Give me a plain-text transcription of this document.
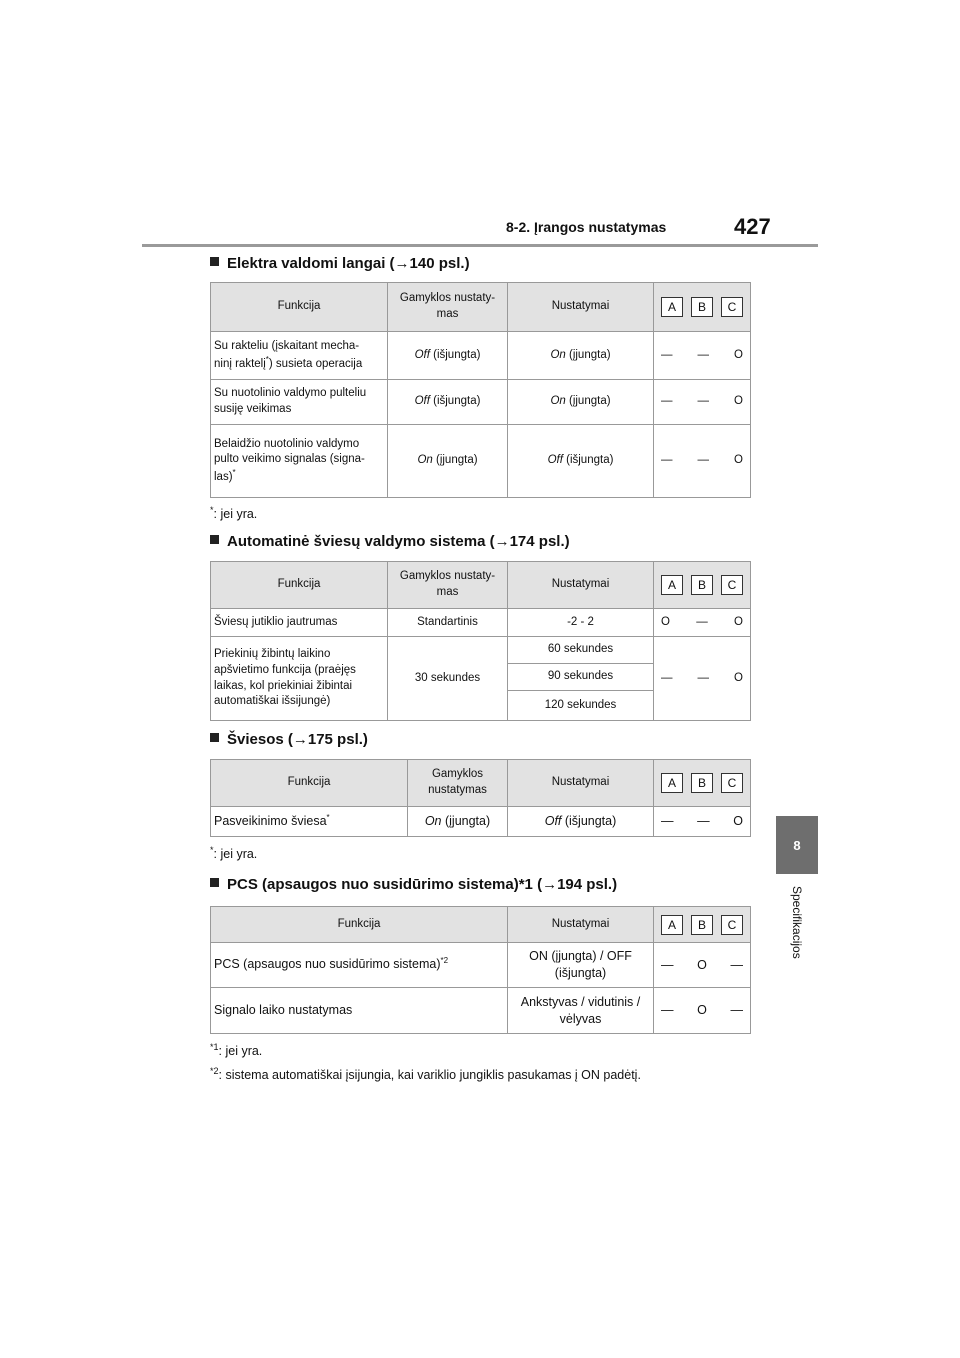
8-2. Įrangos nustatymas	427
8
Specifikacijos
Elektra valdomi langai (→140 psl.)
Funkcija	Gamyklos nustaty-
mas	Nustatymai	A B C

Su rakteliu (įskaitant mecha-
ninį raktelį*) susieta operacija	Off (išjungta)	On (įjungta)	— — O

Su nuotolinio valdymo pulteliu
susiję veikimas	Off (išjungta)	On (įjungta)	— — O

Belaidžio nuotolinio valdymo
pulto veikimo signalas (signa-
las)*	On (įjungta)	Off (išjungta)	— — O
*: jei yra.
Automatinė šviesų valdymo sistema (→174 psl.)
Funkcija	Gamyklos nustaty-
mas	Nustatymai	A B C

Šviesų jutiklio jautrumas	Standartinis	-2 - 2	O — O

Priekinių žibintų laikino
apšvietimo funkcija (praėjęs
laikas, kol priekiniai žibintai
automatiškai išsijungė)	30 sekundes	60 sekundes	— — O

		90 sekundes	
		120 sekundes	
Šviesos (→175 psl.)
Funkcija	Gamyklos
nustatymas	Nustatymai	A B C

Pasveikinimo šviesa*	On (įjungta)	Off (išjungta)	— — O
*: jei yra.
PCS (apsaugos nuo susidūrimo sistema)*1 (→194 psl.)
Funkcija	Nustatymai	A B C

PCS (apsaugos nuo susidūrimo sistema)$^{*2}$	ON (įjungta) / OFF
(išjungta)	— O —

Signalo laiko nustatymas	Ankstyvas / vidutinis /
vėlyvas	— O —
$^{*1}$: jei yra.
$^{*2}$: sistema automatiškai įsijungia, kai variklio jungiklis pasukamas į ON padėtį.
